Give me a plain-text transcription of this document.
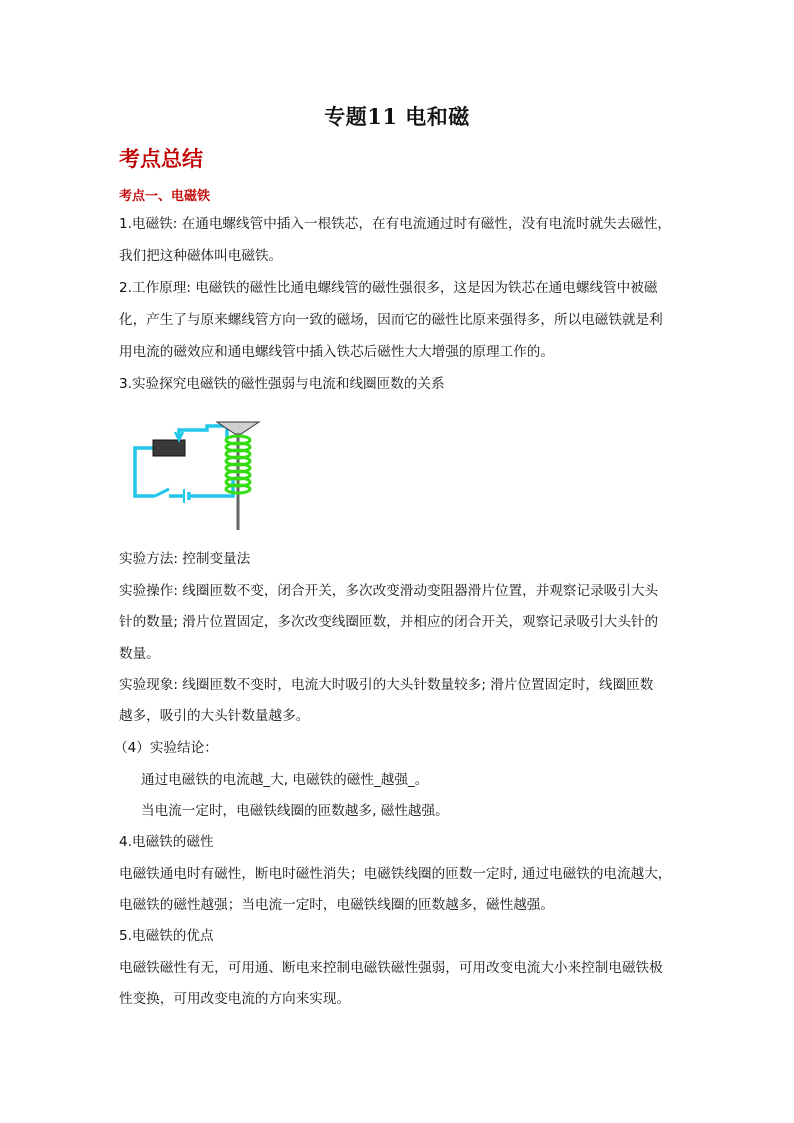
专题11 电和磁
考点总结
考点一、电磁铁
1.电磁铁: 在通电螺线管中插入一根铁芯，在有电流通过时有磁性，没有电流时就失去磁性，
我们把这种磁体叫电磁铁。
2.工作原理: 电磁铁的磁性比通电螺线管的磁性强很多，这是因为铁芯在通电螺线管中被磁
化，产生了与原来螺线管方向一致的磁场，因而它的磁性比原来强得多，所以电磁铁就是利
用电流的磁效应和通电螺线管中插入铁芯后磁性大大增强的原理工作的。
3.实验探究电磁铁的磁性强弱与电流和线圈匝数的关系
实验方法: 控制变量法
实验操作: 线圈匝数不变，闭合开关，多次改变滑动变阻器滑片位置，并观察记录吸引大头
针的数量; 滑片位置固定，多次改变线圈匝数，并相应的闭合开关，观察记录吸引大头针的
数量。
实验现象: 线圈匝数不变时，电流大时吸引的大头针数量较多; 滑片位置固定时，线圈匝数
越多，吸引的大头针数量越多。
（4）实验结论：
通过电磁铁的电流越_大, 电磁铁的磁性_越强_。
当电流一定时，电磁铁线圈的匝数越多, 磁性越强。
4.电磁铁的磁性
电磁铁通电时有磁性，断电时磁性消失；电磁铁线圈的匝数一定时, 通过电磁铁的电流越大，
电磁铁的磁性越强；当电流一定时，电磁铁线圈的匝数越多，磁性越强。
5.电磁铁的优点
电磁铁磁性有无，可用通、断电来控制电磁铁磁性强弱，可用改变电流大小来控制电磁铁极
性变换，可用改变电流的方向来实现。
